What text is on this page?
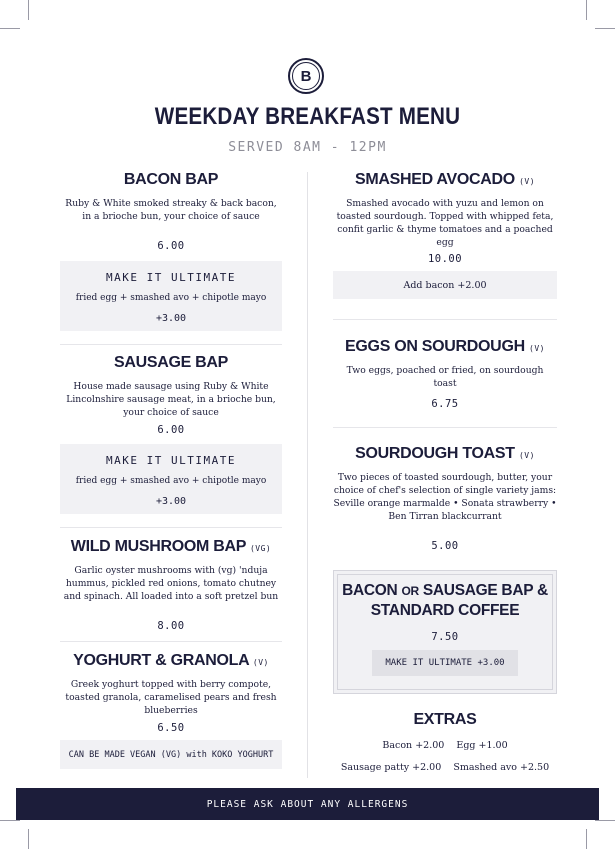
B
WEEKDAY BREAKFAST MENU
SERVED 8AM - 12PM
BACON BAP
Ruby & White smoked streaky & back bacon, in a brioche bun, your choice of sauce
6.00
MAKE IT ULTIMATE
fried egg + smashed avo + chipotle mayo
+3.00
SAUSAGE BAP
House made sausage using Ruby & White Lincolnshire sausage meat, in a brioche bun, your choice of sauce
6.00
MAKE IT ULTIMATE
fried egg + smashed avo + chipotle mayo
+3.00
WILD MUSHROOM BAP (VG)
Garlic oyster mushrooms with (vg) 'nduja hummus, pickled red onions, tomato chutney and spinach. All loaded into a soft pretzel bun
8.00
YOGHURT & GRANOLA (V)
Greek yoghurt topped with berry compote, toasted granola, caramelised pears and fresh blueberries
6.50
CAN BE MADE VEGAN (VG) with KOKO YOGHURT
SMASHED AVOCADO (V)
Smashed avocado with yuzu and lemon on toasted sourdough. Topped with whipped feta, confit garlic & thyme tomatoes and a poached egg
10.00
Add bacon +2.00
EGGS ON SOURDOUGH (V)
Two eggs, poached or fried, on sourdough toast
6.75
SOURDOUGH TOAST (V)
Two pieces of toasted sourdough, butter, your choice of chef's selection of single variety jams: Seville orange marmalde • Sonata strawberry • Ben Tirran blackcurrant
5.00
BACON OR SAUSAGE BAP &
STANDARD COFFEE
7.50
MAKE IT ULTIMATE +3.00
EXTRAS
Bacon +2.00    Egg +1.00
Sausage patty +2.00    Smashed avo +2.50
PLEASE ASK ABOUT ANY ALLERGENS
